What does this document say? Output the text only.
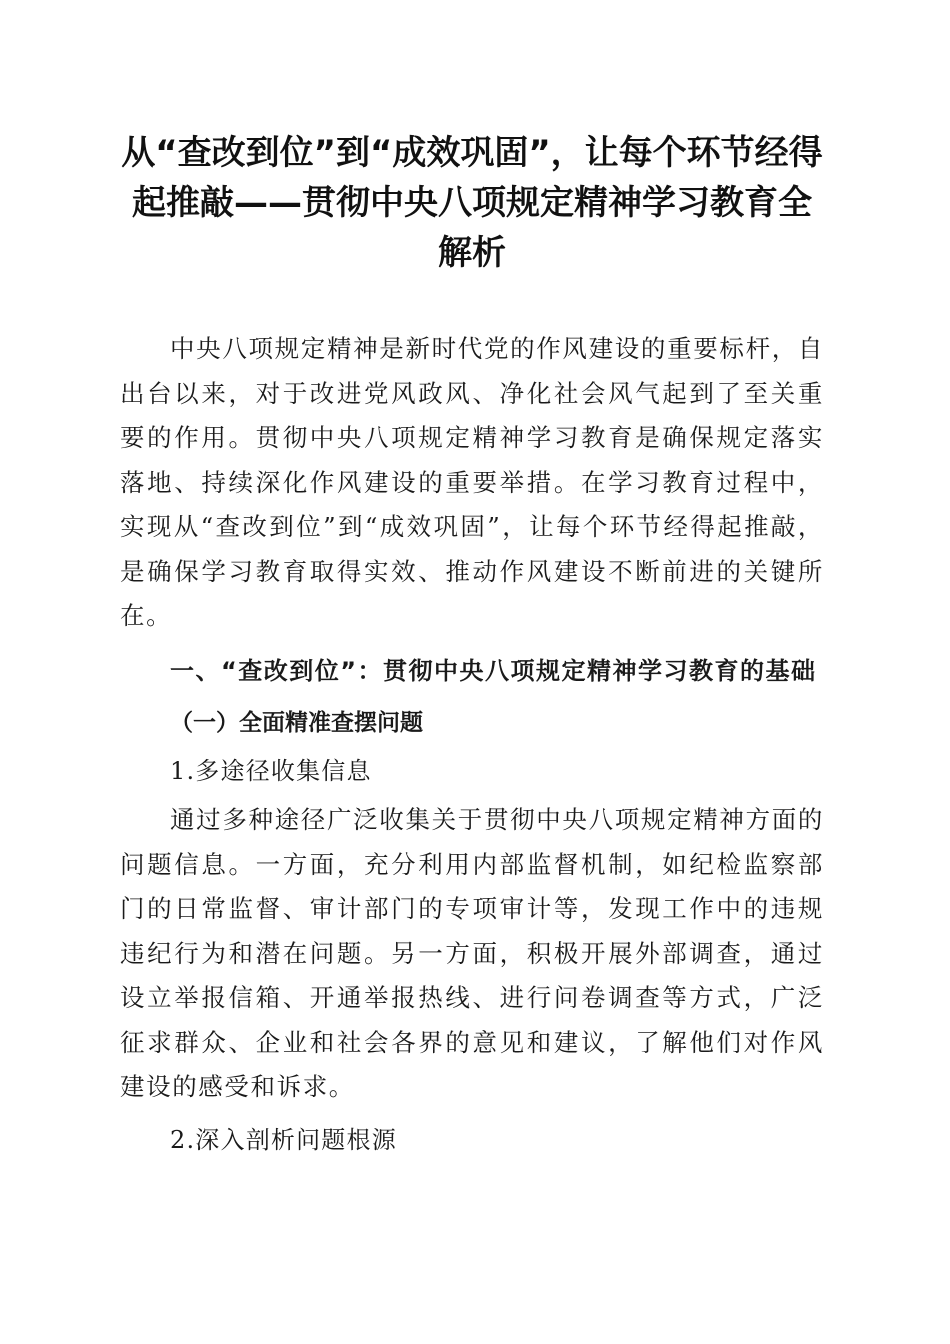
从“查改到位”到“成效巩固”，让每个环节经得起推敲——贯彻中央八项规定精神学习教育全解析

中央八项规定精神是新时代党的作风建设的重要标杆，自出台以来，对于改进党风政风、净化社会风气起到了至关重要的作用。贯彻中央八项规定精神学习教育是确保规定落实落地、持续深化作风建设的重要举措。在学习教育过程中，实现从“查改到位”到“成效巩固”，让每个环节经得起推敲，是确保学习教育取得实效、推动作风建设不断前进的关键所在。

一、“查改到位”：贯彻中央八项规定精神学习教育的基础

（一）全面精准查摆问题

1.多途径收集信息

通过多种途径广泛收集关于贯彻中央八项规定精神方面的问题信息。一方面，充分利用内部监督机制，如纪检监察部门的日常监督、审计部门的专项审计等，发现工作中的违规违纪行为和潜在问题。另一方面，积极开展外部调查，通过设立举报信箱、开通举报热线、进行问卷调查等方式，广泛征求群众、企业和社会各界的意见和建议，了解他们对作风建设的感受和诉求。

2.深入剖析问题根源
